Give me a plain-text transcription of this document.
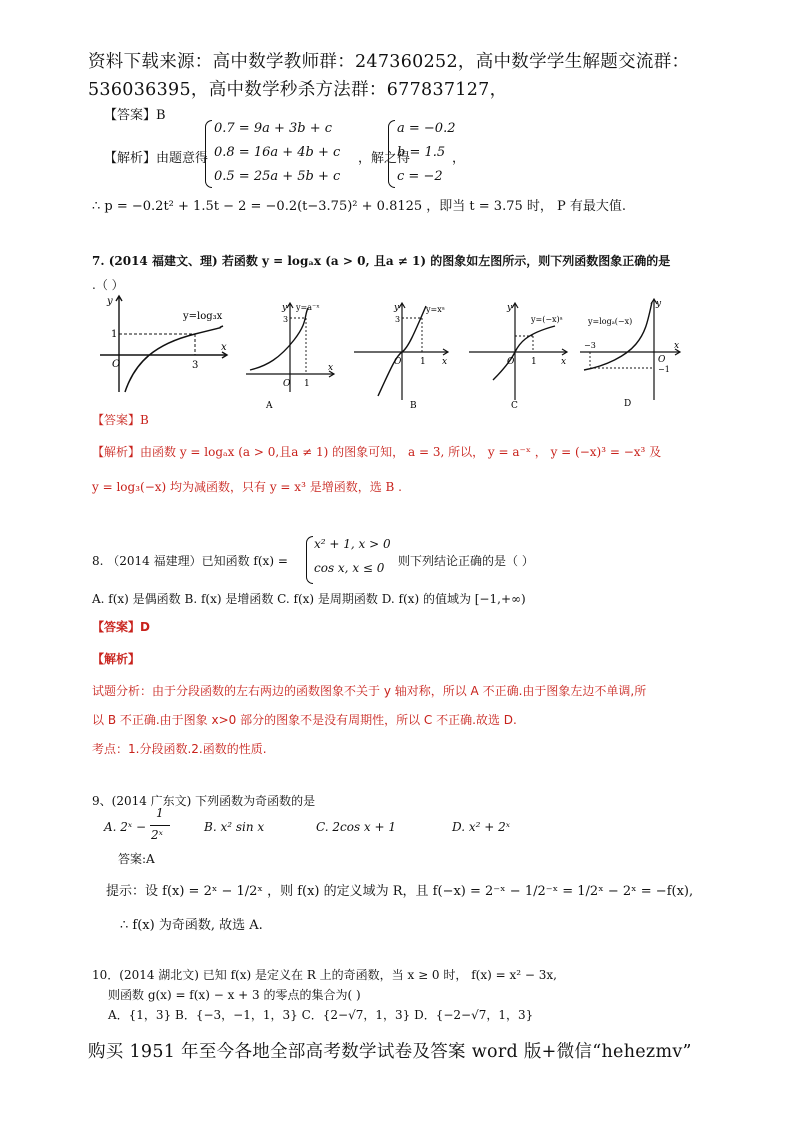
资料下载来源：高中数学教师群：247360252，高中数学学生解题交流群：
536036395，高中数学秒杀方法群：677837127，
【答案】B
【解析】由题意得
0.7 = 9a + 3b + c
0.8 = 16a + 4b + c
0.5 = 25a + 5b + c
，解之得
a = −0.2
b = 1.5
c = −2
，
∴ p = −0.2t² + 1.5t − 2 = −0.2(t−3.75)² + 0.8125 ，即当 t = 3.75 时， P 有最大值.
7. (2014 福建文、理) 若函数 y = logₐx (a > 0, 且a ≠ 1) 的图象如左图所示，则下列函数图象正确的是
.（ ）
y
x
O
1
3
y=log₃x
y
x
y=a⁻ˣ
3
O 1
A
y
x
y=xᵃ
3
O 1
B
y
x
y=(−x)ᵃ
O 1
C
y
x
y=logₐ(−x)
−3
−1
O
D
【答案】B
【解析】由函数 y = logₐx (a > 0,且a ≠ 1) 的图象可知， a = 3, 所以， y = a⁻ˣ ， y = (−x)³ = −x³ 及
y = log₃(−x) 均为减函数，只有 y = x³ 是增函数，选 B .
8. （2014 福建理）已知函数 f(x) =
x² + 1, x > 0
cos x, x ≤ 0 则下列结论正确的是（ ）
A. f(x) 是偶函数 B. f(x) 是增函数 C. f(x) 是周期函数 D. f(x) 的值域为 [−1,+∞)
【答案】D
【解析】
试题分析：由于分段函数的左右两边的函数图象不关于 y 轴对称，所以 A 不正确.由于图象左边不单调,所
以 B 不正确.由于图象 x>0 部分的图象不是没有周期性，所以 C 不正确.故选 D.
考点：1.分段函数.2.函数的性质.
9、(2014 广东文) 下列函数为奇函数的是
A. 2ˣ −
1
2ˣ
B. x² sin x	C. 2cos x + 1	D. x² + 2ˣ
答案:A
提示：设 f(x) = 2ˣ − 1/2ˣ ，则 f(x) 的定义域为 R，且 f(−x) = 2⁻ˣ − 1/2⁻ˣ = 1/2ˣ − 2ˣ = −f(x),
∴ f(x) 为奇函数, 故选 A.
10．(2014 湖北文) 已知 f(x) 是定义在 R 上的奇函数，当 x ≥ 0 时， f(x) = x² − 3x,
则函数 g(x) = f(x) − x + 3 的零点的集合为( )
A．{1，3} B．{−3，−1，1，3} C．{2−√7，1，3} D．{−2−√7，1，3}
购买 1951 年至今各地全部高考数学试卷及答案 word 版+微信“hehezmv”
